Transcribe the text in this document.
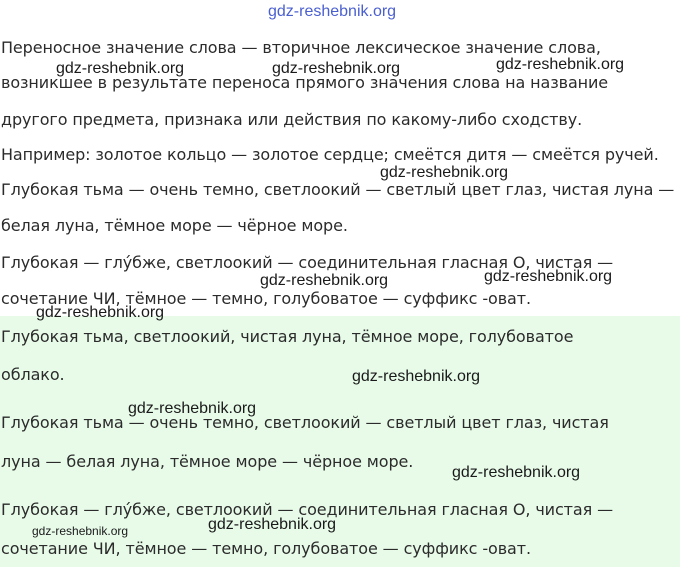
Переносное значение слова — вторичное лексическое значение слова,
возникшее в результате переноса прямого значения слова на название
другого предмета, признака или действия по какому-либо сходству.
Например: золотое кольцо — золотое сердце; смеётся дитя — смеётся ручей.
Глубокая тьма — очень темно, светлоокий — светлый цвет глаз, чистая луна —
белая луна, тёмное море — чёрное море.
Глубокая — глу́бже, светлоокий — соединительная гласная О, чистая —
сочетание ЧИ, тёмное — темно, голубоватое — суффикс -оват.
Глубокая тьма, светлоокий, чистая луна, тёмное море, голубоватое
облако.
Глубокая тьма — очень темно, светлоокий — светлый цвет глаз, чистая
луна — белая луна, тёмное море — чёрное море.
Глубокая — глу́бже, светлоокий — соединительная гласная О, чистая —
сочетание ЧИ, тёмное — темно, голубоватое — суффикс -оват.
gdz-reshebnik.org
gdz-reshebnik.org	gdz-reshebnik.org	gdz-reshebnik.org
gdz-reshebnik.org
gdz-reshebnik.org	gdz-reshebnik.org
gdz-reshebnik.org
gdz-reshebnik.org
gdz-reshebnik.org
gdz-reshebnik.org
gdz-reshebnik.org
gdz-reshebnik.org
